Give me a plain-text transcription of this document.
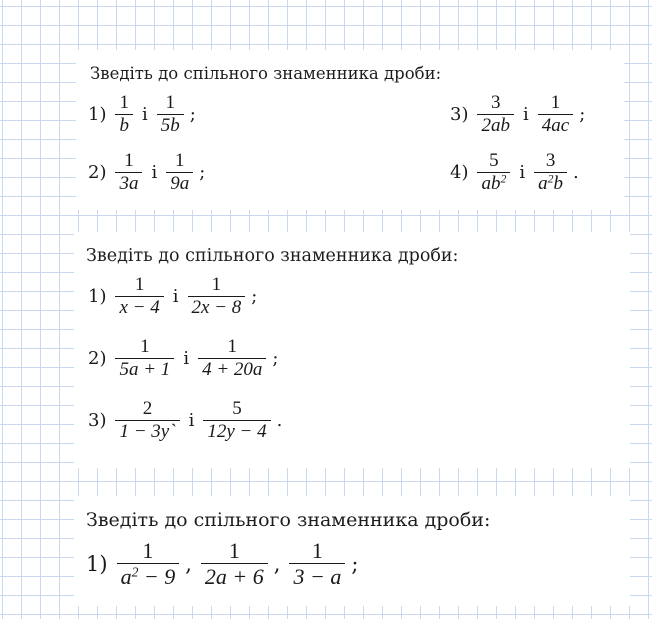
Зведіть до спільного знаменника дроби:
$1) \frac{1}{b}$ і $\frac{1}{5b}$ ;
$2) \frac{1}{3a}$ і $\frac{1}{9a}$ ;
$3) \frac{3}{2ab}$ і $\frac{1}{4ac}$ ;
$4) \frac{5}{ab^2}$ і $\frac{3}{a^2b}$ .
Зведіть до спільного знаменника дроби:
$1) \frac{1}{x - 4}$ і $\frac{1}{2x - 8}$ ;
$2) \frac{1}{5a + 1}$ і $\frac{1}{4 + 20a}$ ;
$3) \frac{2}{1 - 3y`}$ і $\frac{5}{12y - 4}$ .
Зведіть до спільного знаменника дроби:
$1) \frac{1}{a^2 - 9}$ , $\frac{1}{2a + 6}$ , $\frac{1}{3 - a}$ ;
